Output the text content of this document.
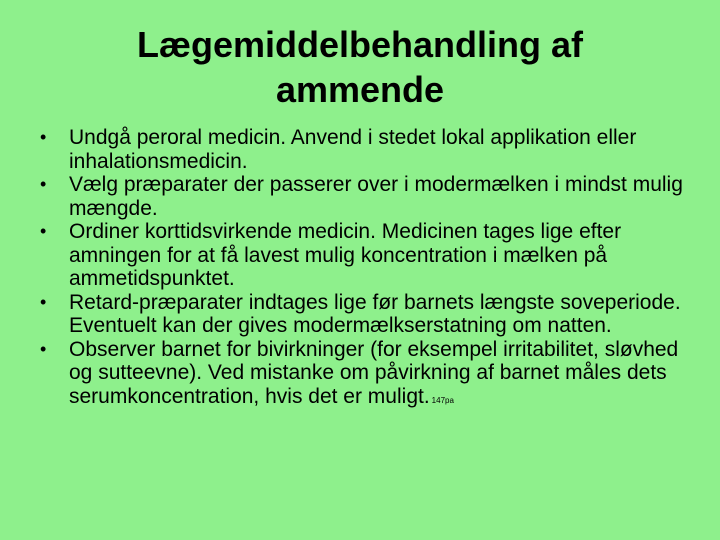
Lægemiddelbehandling af
ammende
• Undgå peroral medicin. Anvend i stedet lokal applikation eller inhalationsmedicin.
• Vælg præparater der passerer over i modermælken i mindst mulig mængde.
• Ordiner korttidsvirkende medicin. Medicinen tages lige efter amningen for at få lavest mulig koncentration i mælken på ammetidspunktet.
• Retard-præparater indtages lige før barnets længste soveperiode. Eventuelt kan der gives modermælkserstatning om natten.
• Observer barnet for bivirkninger (for eksempel irritabilitet, sløvhed og sutteevne). Ved mistanke om påvirkning af barnet måles dets serumkoncentration, hvis det er muligt. 147pa
